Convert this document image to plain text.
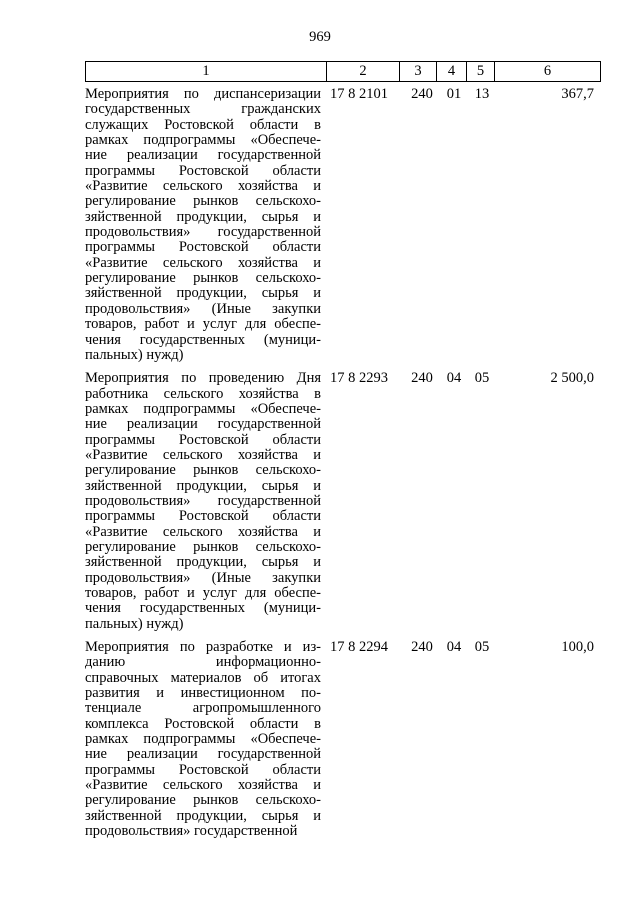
969
1	2	3	4	5	6
Мероприятия по диспансеризации
государственных гражданских
служащих Ростовской области в
рамках подпрограммы «Обеспече-
ние реализации государственной
программы Ростовской области
«Развитие сельского хозяйства и
регулирование рынков сельскохо-
зяйственной продукции, сырья и
продовольствия» государственной
программы Ростовской области
«Развитие сельского хозяйства и
регулирование рынков сельскохо-
зяйственной продукции, сырья и
продовольствия» (Иные закупки
товаров, работ и услуг для обеспе-
чения государственных (муници-
пальных) нужд)
17 8 2101	240 01 13	367,7
Мероприятия по проведению Дня
работника сельского хозяйства в
рамках подпрограммы «Обеспече-
ние реализации государственной
программы Ростовской области
«Развитие сельского хозяйства и
регулирование рынков сельскохо-
зяйственной продукции, сырья и
продовольствия» государственной
программы Ростовской области
«Развитие сельского хозяйства и
регулирование рынков сельскохо-
зяйственной продукции, сырья и
продовольствия» (Иные закупки
товаров, работ и услуг для обеспе-
чения государственных (муници-
пальных) нужд)
17 8 2293	240 04 05	2 500,0
Мероприятия по разработке и из-
данию информационно-
справочных материалов об итогах
развития и инвестиционном по-
тенциале агропромышленного
комплекса Ростовской области в
рамках подпрограммы «Обеспече-
ние реализации государственной
программы Ростовской области
«Развитие сельского хозяйства и
регулирование рынков сельскохо-
зяйственной продукции, сырья и
продовольствия» государственной
17 8 2294	240 04 05	100,0
